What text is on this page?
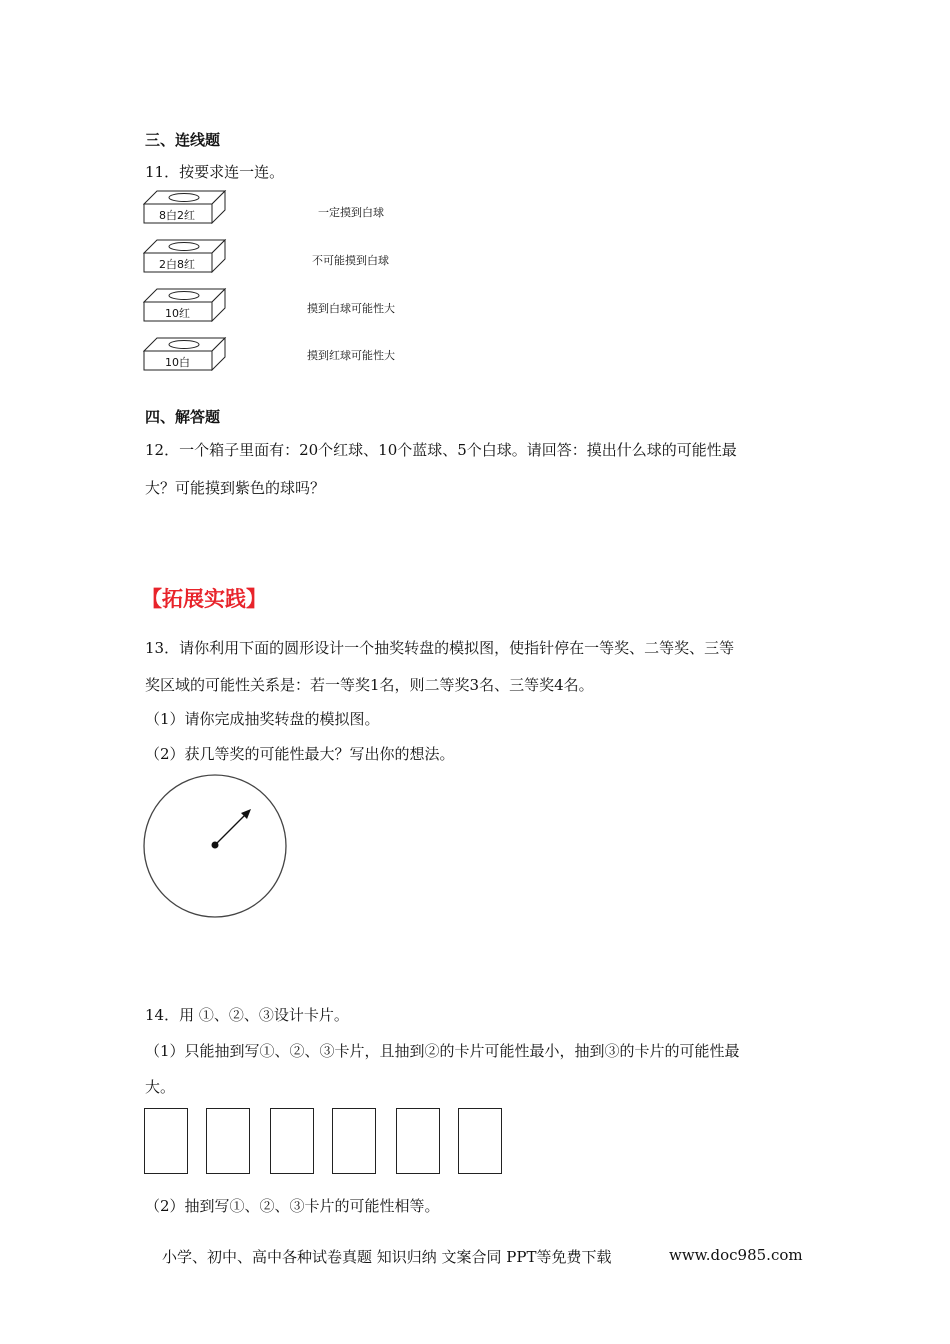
三、连线题
11．按要求连一连。
8白2红
2白8红
10红
10白
一定摸到白球
不可能摸到白球
摸到白球可能性大
摸到红球可能性大
四、解答题
12．一个箱子里面有：20个红球、10个蓝球、5个白球。请回答：摸出什么球的可能性最
大？可能摸到紫色的球吗？
【拓展实践】
13．请你利用下面的圆形设计一个抽奖转盘的模拟图，使指针停在一等奖、二等奖、三等
奖区域的可能性关系是：若一等奖1名，则二等奖3名、三等奖4名。
（1）请你完成抽奖转盘的模拟图。
（2）获几等奖的可能性最大？写出你的想法。
14．用 ①、②、③设计卡片。
（1）只能抽到写①、②、③卡片，且抽到②的卡片可能性最小，抽到③的卡片的可能性最
大。
（2）抽到写①、②、③卡片的可能性相等。
小学、初中、高中各种试卷真题 知识归纳 文案合同 PPT等免费下载	www.doc985.com
